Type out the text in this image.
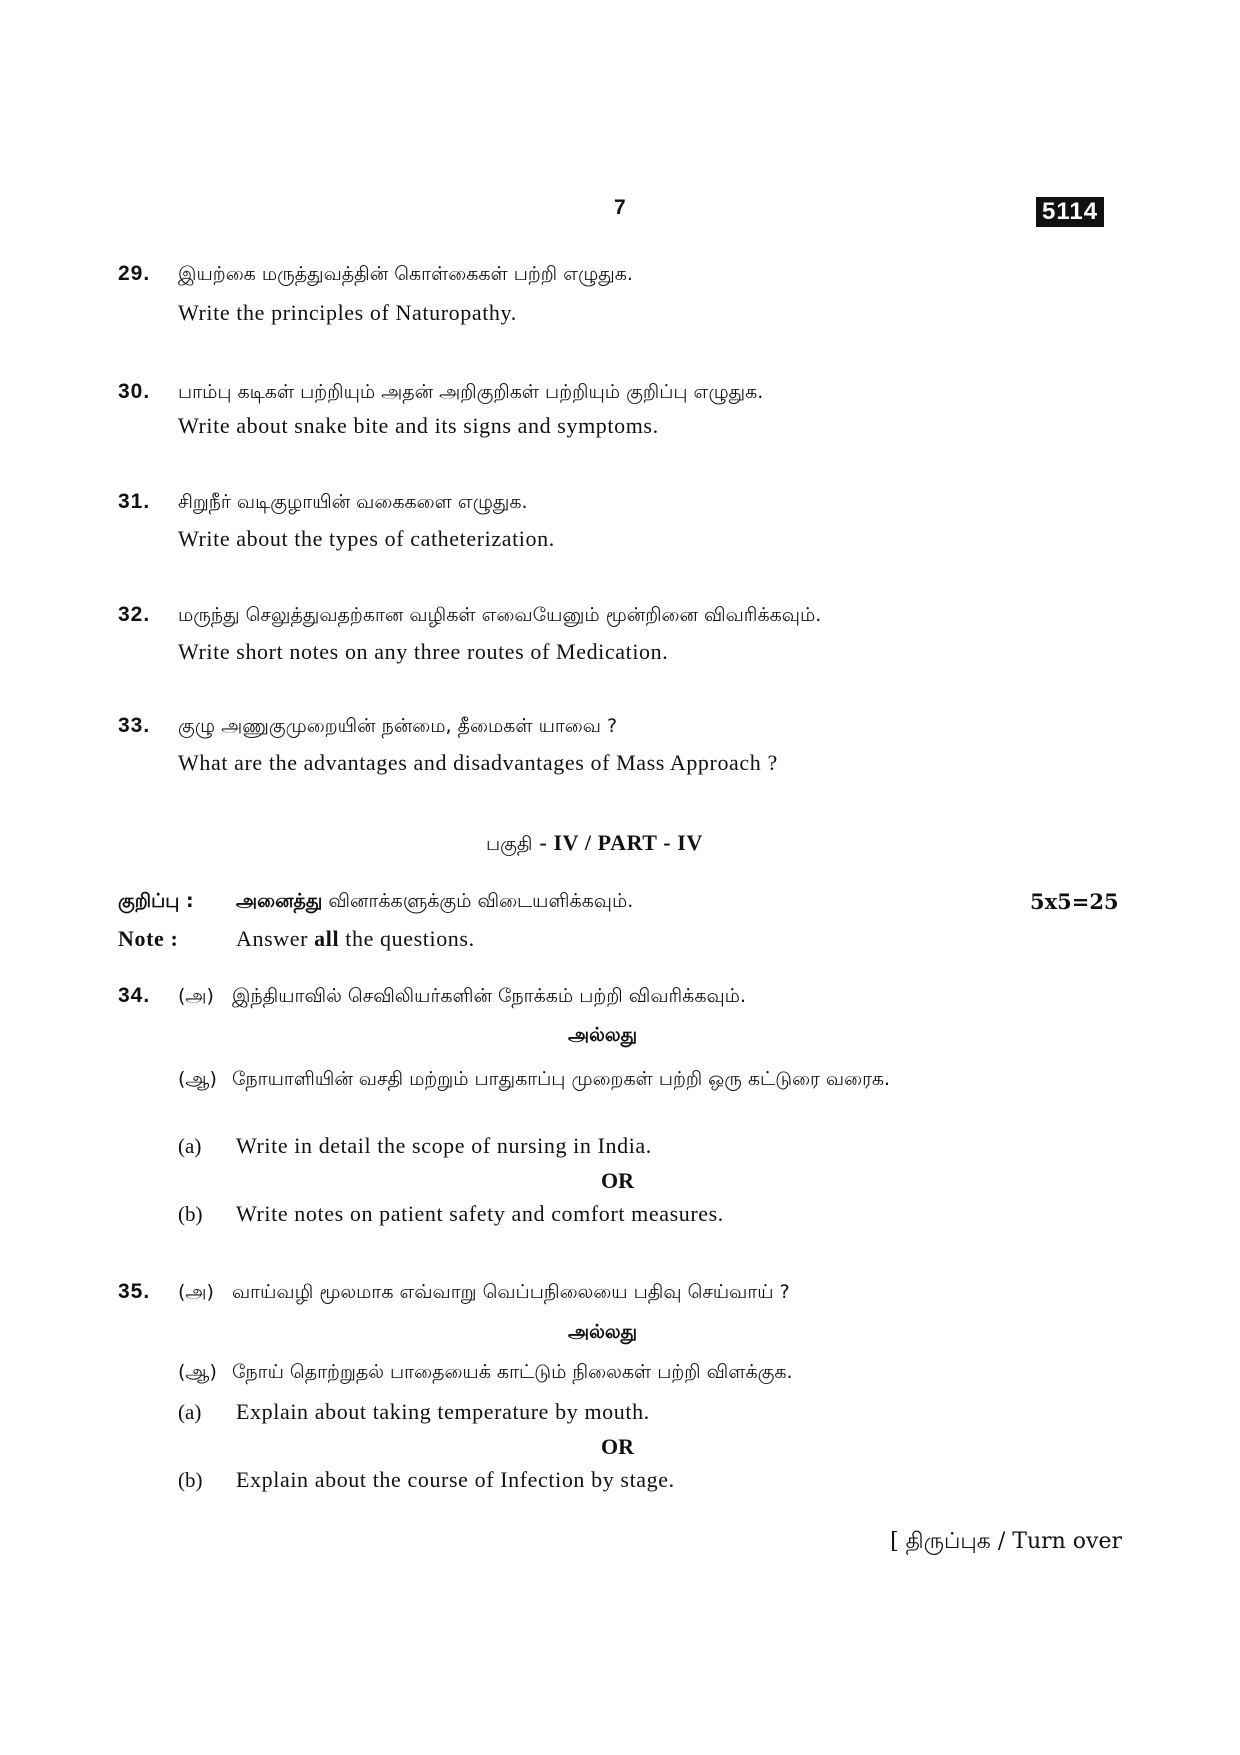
7	5114
29. இயற்கை மருத்துவத்தின் கொள்கைகள் பற்றி எழுதுக.
Write the principles of Naturopathy.
30. பாம்பு கடிகள் பற்றியும் அதன் அறிகுறிகள் பற்றியும் குறிப்பு எழுதுக.
Write about snake bite and its signs and symptoms.
31. சிறுநீர் வடிகுழாயின் வகைகளை எழுதுக.
Write about the types of catheterization.
32. மருந்து செலுத்துவதற்கான வழிகள் எவையேனும் மூன்றினை விவரிக்கவும்.
Write short notes on any three routes of Medication.
33. குழு அணுகுமுறையின் நன்மை, தீமைகள் யாவை ?
What are the advantages and disadvantages of Mass Approach ?
பகுதி - IV / PART - IV
குறிப்பு : அனைத்து வினாக்களுக்கும் விடையளிக்கவும்.	5x5=25
Note :	Answer all the questions.
34. (அ) இந்தியாவில் செவிலியர்களின் நோக்கம் பற்றி விவரிக்கவும்.
அல்லது
(ஆ) நோயாளியின் வசதி மற்றும் பாதுகாப்பு முறைகள் பற்றி ஒரு கட்டுரை வரைக.
(a) Write in detail the scope of nursing in India.
OR
(b) Write notes on patient safety and comfort measures.
35. (அ) வாய்வழி மூலமாக எவ்வாறு வெப்பநிலையை பதிவு செய்வாய் ?
அல்லது
(ஆ) நோய் தொற்றுதல் பாதையைக் காட்டும் நிலைகள் பற்றி விளக்குக.
(a) Explain about taking temperature by mouth.
OR
(b) Explain about the course of Infection by stage.
[ திருப்புக / Turn over
